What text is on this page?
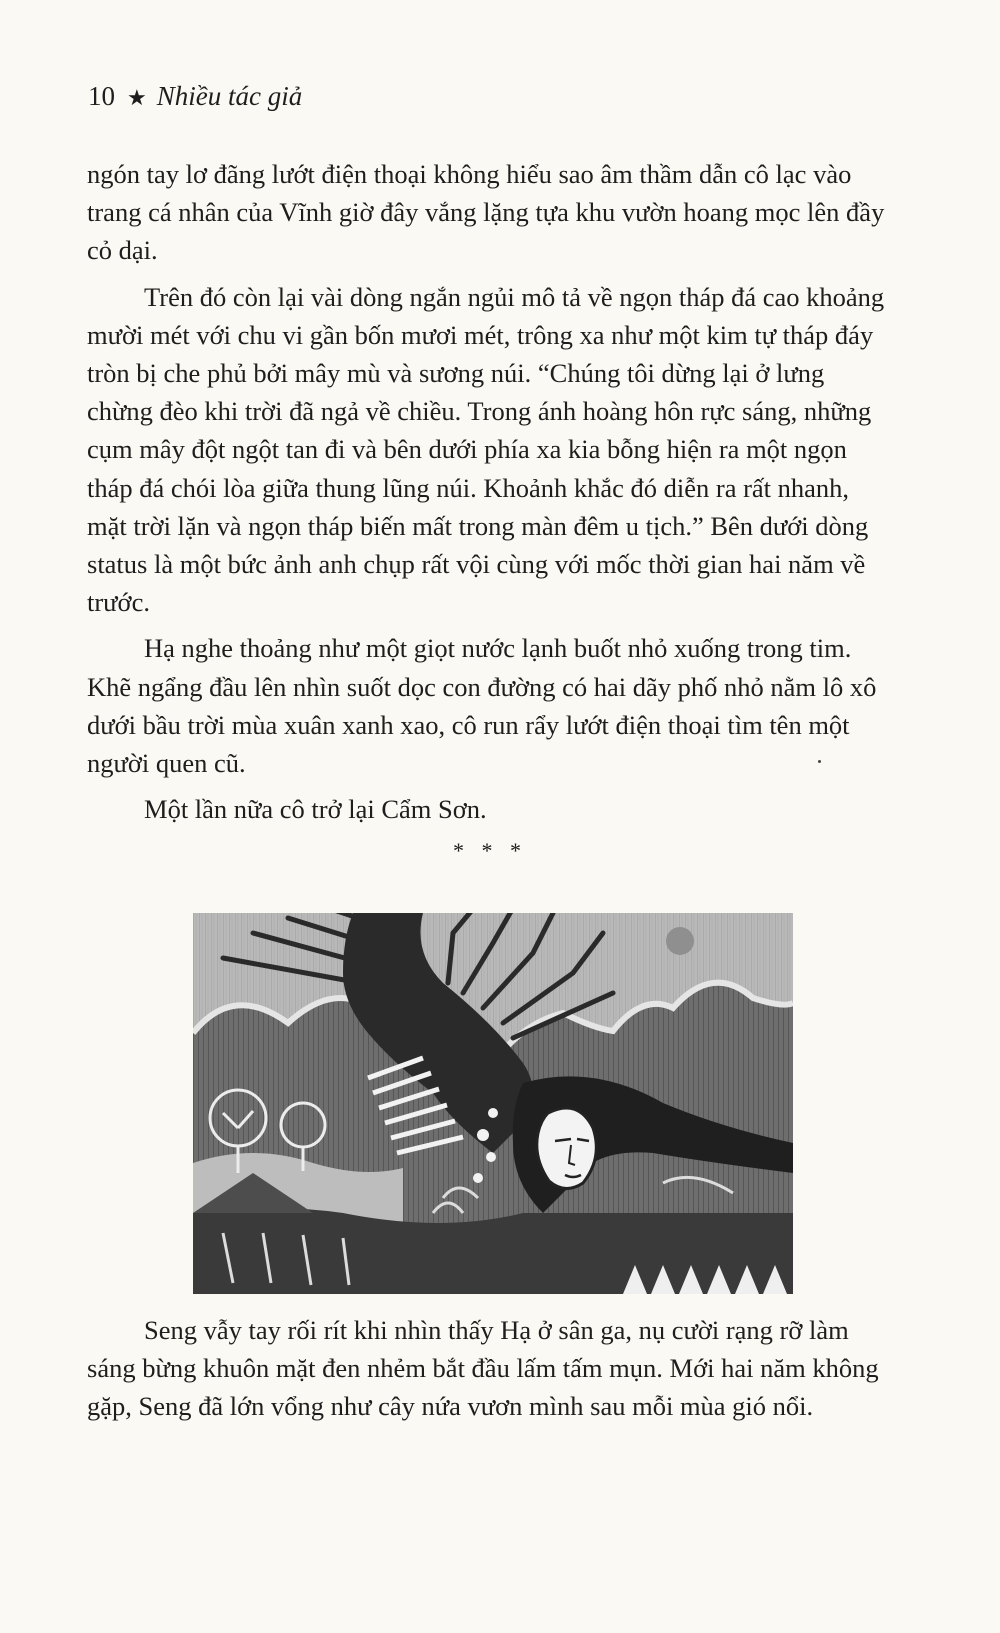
10 ★ Nhiều tác giả

ngón tay lơ đãng lướt điện thoại không hiểu sao âm thầm dẫn cô lạc vào trang cá nhân của Vĩnh giờ đây vắng lặng tựa khu vườn hoang mọc lên đầy cỏ dại.

Trên đó còn lại vài dòng ngắn ngủi mô tả về ngọn tháp đá cao khoảng mười mét với chu vi gần bốn mươi mét, trông xa như một kim tự tháp đáy tròn bị che phủ bởi mây mù và sương núi. “Chúng tôi dừng lại ở lưng chừng đèo khi trời đã ngả về chiều. Trong ánh hoàng hôn rực sáng, những cụm mây đột ngột tan đi và bên dưới phía xa kia bỗng hiện ra một ngọn tháp đá chói lòa giữa thung lũng núi. Khoảnh khắc đó diễn ra rất nhanh, mặt trời lặn và ngọn tháp biến mất trong màn đêm u tịch.” Bên dưới dòng status là một bức ảnh anh chụp rất vội cùng với mốc thời gian hai năm về trước.

Hạ nghe thoảng như một giọt nước lạnh buốt nhỏ xuống trong tim. Khẽ ngẩng đầu lên nhìn suốt dọc con đường có hai dãy phố nhỏ nằm lô xô dưới bầu trời mùa xuân xanh xao, cô run rẩy lướt điện thoại tìm tên một người quen cũ.

Một lần nữa cô trở lại Cẩm Sơn.

* * *

Seng vẫy tay rối rít khi nhìn thấy Hạ ở sân ga, nụ cười rạng rỡ làm sáng bừng khuôn mặt đen nhẻm bắt đầu lấm tấm mụn. Mới hai năm không gặp, Seng đã lớn vổng như cây nứa vươn mình sau mỗi mùa gió nổi.
